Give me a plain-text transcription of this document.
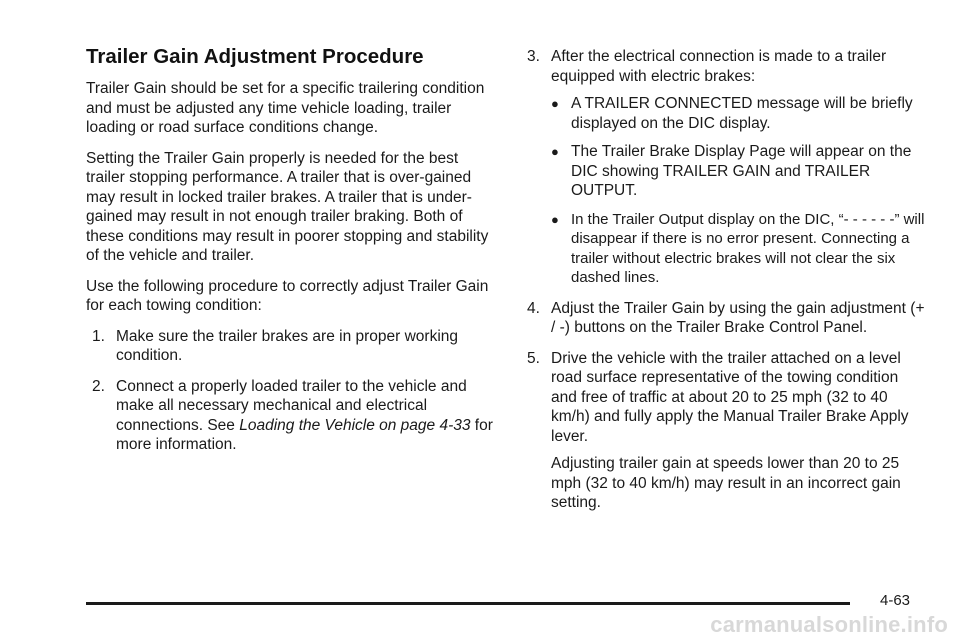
Trailer Gain Adjustment Procedure

Trailer Gain should be set for a specific trailering condition and must be adjusted any time vehicle loading, trailer loading or road surface conditions change.

Setting the Trailer Gain properly is needed for the best trailer stopping performance. A trailer that is over-gained may result in locked trailer brakes. A trailer that is under-gained may result in not enough trailer braking. Both of these conditions may result in poorer stopping and stability of the vehicle and trailer.

Use the following procedure to correctly adjust Trailer Gain for each towing condition:

1. Make sure the trailer brakes are in proper working condition.
2. Connect a properly loaded trailer to the vehicle and make all necessary mechanical and electrical connections. See Loading the Vehicle on page 4-33 for more information.
3. After the electrical connection is made to a trailer equipped with electric brakes:
● A TRAILER CONNECTED message will be briefly displayed on the DIC display.
● The Trailer Brake Display Page will appear on the DIC showing TRAILER GAIN and TRAILER OUTPUT.
● In the Trailer Output display on the DIC, “- - - - - -” will disappear if there is no error present. Connecting a trailer without electric brakes will not clear the six dashed lines.
4. Adjust the Trailer Gain by using the gain adjustment (+ / -) buttons on the Trailer Brake Control Panel.
5. Drive the vehicle with the trailer attached on a level road surface representative of the towing condition and free of traffic at about 20 to 25 mph (32 to 40 km/h) and fully apply the Manual Trailer Brake Apply lever.

Adjusting trailer gain at speeds lower than 20 to 25 mph (32 to 40 km/h) may result in an incorrect gain setting.

4-63
carmanualsonline.info
